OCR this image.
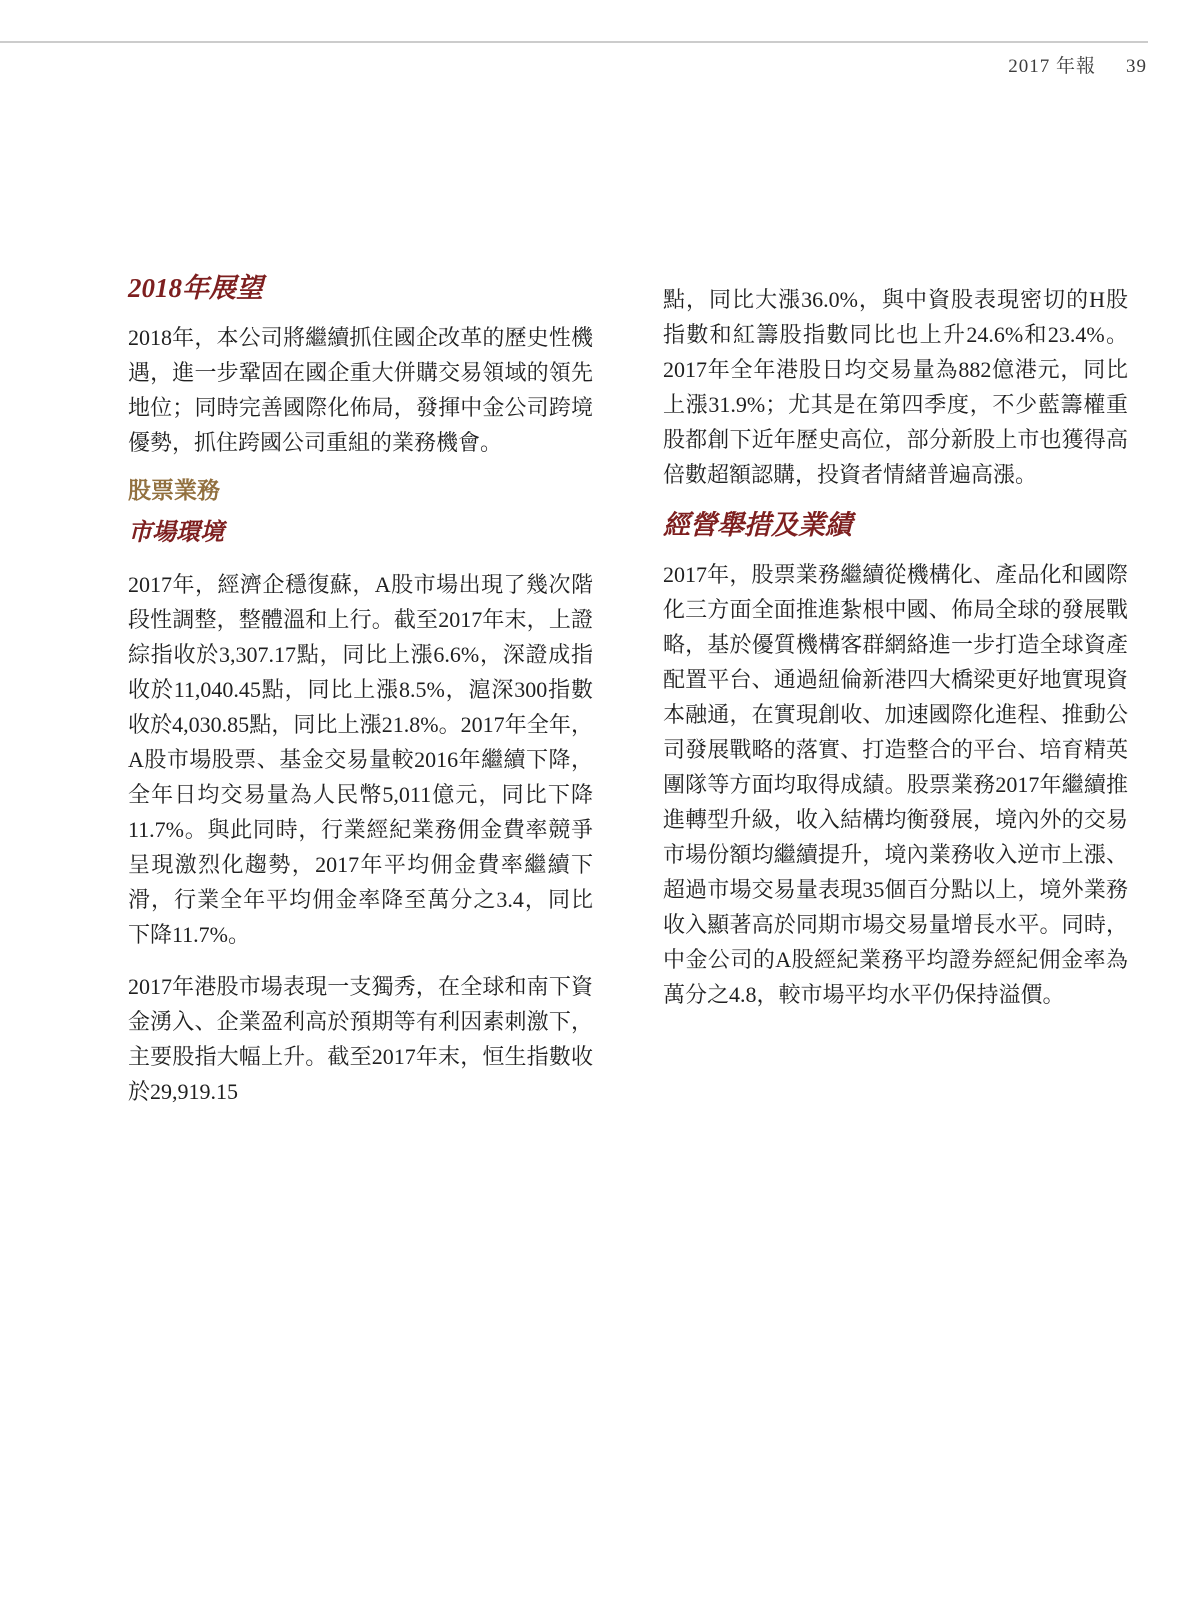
2017 年報 39
2018年展望

2018年，本公司將繼續抓住國企改革的歷史性機遇，進一步鞏固在國企重大併購交易領域的領先地位；同時完善國際化佈局，發揮中金公司跨境優勢，抓住跨國公司重組的業務機會。

股票業務
市場環境

2017年，經濟企穩復蘇，A股市場出現了幾次階段性調整，整體溫和上行。截至2017年末，上證綜指收於3,307.17點，同比上漲6.6%，深證成指收於11,040.45點，同比上漲8.5%，滬深300指數收於4,030.85點，同比上漲21.8%。2017年全年，A股市場股票、基金交易量較2016年繼續下降，全年日均交易量為人民幣5,011億元，同比下降11.7%。與此同時，行業經紀業務佣金費率競爭呈現激烈化趨勢，2017年平均佣金費率繼續下滑，行業全年平均佣金率降至萬分之3.4，同比下降11.7%。

2017年港股市場表現一支獨秀，在全球和南下資金湧入、企業盈利高於預期等有利因素刺激下，主要股指大幅上升。截至2017年末，恒生指數收於29,919.15

點，同比大漲36.0%，與中資股表現密切的H股指數和紅籌股指數同比也上升24.6%和23.4%。2017年全年港股日均交易量為882億港元，同比上漲31.9%；尤其是在第四季度，不少藍籌權重股都創下近年歷史高位，部分新股上市也獲得高倍數超額認購，投資者情緒普遍高漲。

經營舉措及業績

2017年，股票業務繼續從機構化、產品化和國際化三方面全面推進紮根中國、佈局全球的發展戰略，基於優質機構客群網絡進一步打造全球資產配置平台、通過紐倫新港四大橋梁更好地實現資本融通，在實現創收、加速國際化進程、推動公司發展戰略的落實、打造整合的平台、培育精英團隊等方面均取得成績。股票業務2017年繼續推進轉型升級，收入結構均衡發展，境內外的交易市場份額均繼續提升，境內業務收入逆市上漲、超過市場交易量表現35個百分點以上，境外業務收入顯著高於同期市場交易量增長水平。同時，中金公司的A股經紀業務平均證券經紀佣金率為萬分之4.8，較市場平均水平仍保持溢價。
